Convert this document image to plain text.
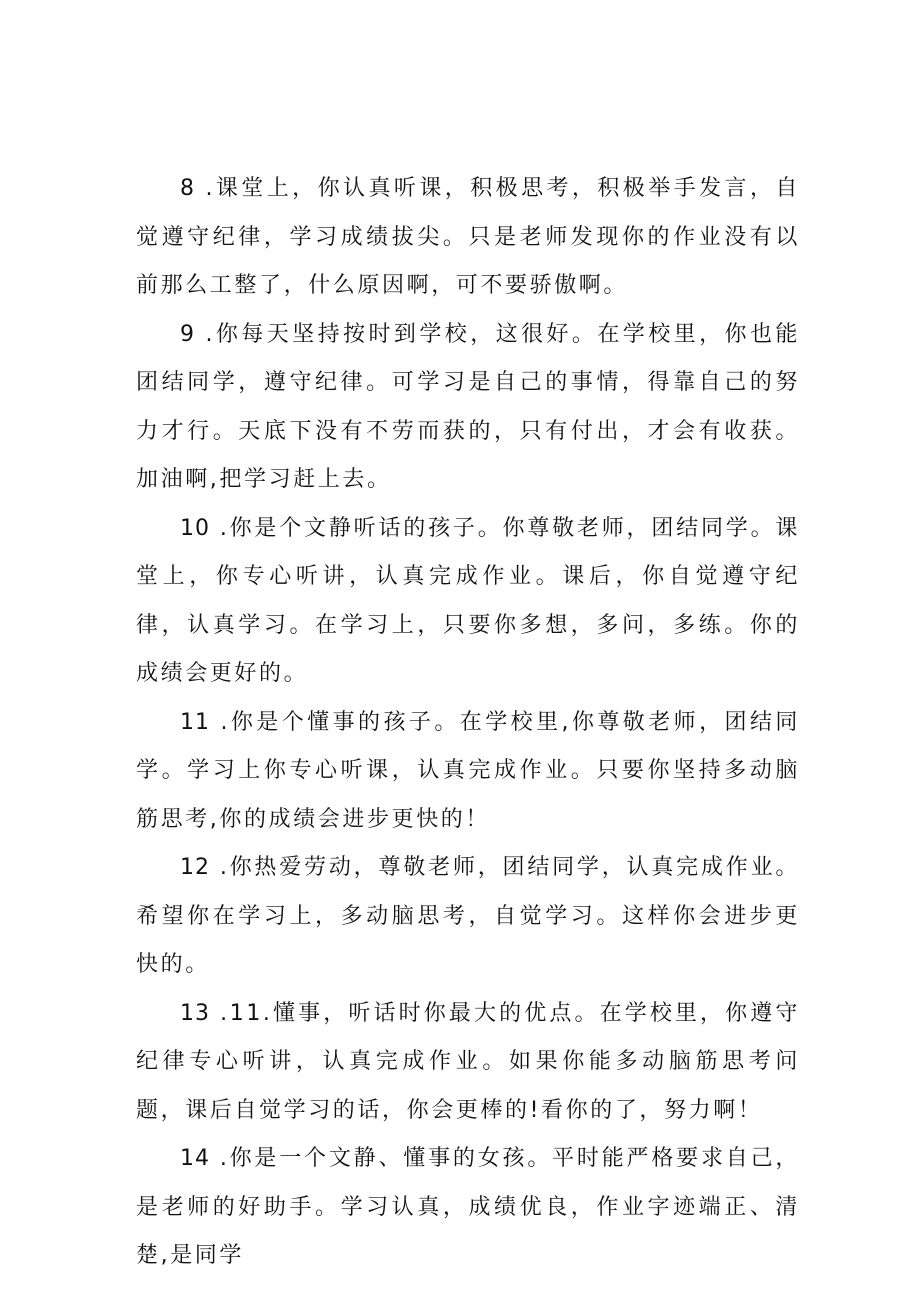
8 .课堂上，你认真听课，积极思考，积极举手发言，自觉遵守纪律，学习成绩拔尖。只是老师发现你的作业没有以前那么工整了，什么原因啊，可不要骄傲啊。

9 .你每天坚持按时到学校，这很好。在学校里，你也能团结同学，遵守纪律。可学习是自己的事情，得靠自己的努力才行。天底下没有不劳而获的，只有付出，才会有收获。加油啊,把学习赶上去。

10 .你是个文静听话的孩子。你尊敬老师，团结同学。课堂上，你专心听讲，认真完成作业。课后，你自觉遵守纪律，认真学习。在学习上，只要你多想，多问，多练。你的成绩会更好的。

11 .你是个懂事的孩子。在学校里,你尊敬老师，团结同学。学习上你专心听课，认真完成作业。只要你坚持多动脑筋思考,你的成绩会进步更快的！

12 .你热爱劳动，尊敬老师，团结同学，认真完成作业。希望你在学习上，多动脑思考，自觉学习。这样你会进步更快的。

13 .11.懂事，听话时你最大的优点。在学校里，你遵守纪律专心听讲，认真完成作业。如果你能多动脑筋思考问题，课后自觉学习的话，你会更棒的!看你的了，努力啊！

14 .你是一个文静、懂事的女孩。平时能严格要求自己，是老师的好助手。学习认真，成绩优良，作业字迹端正、清楚,是同学
